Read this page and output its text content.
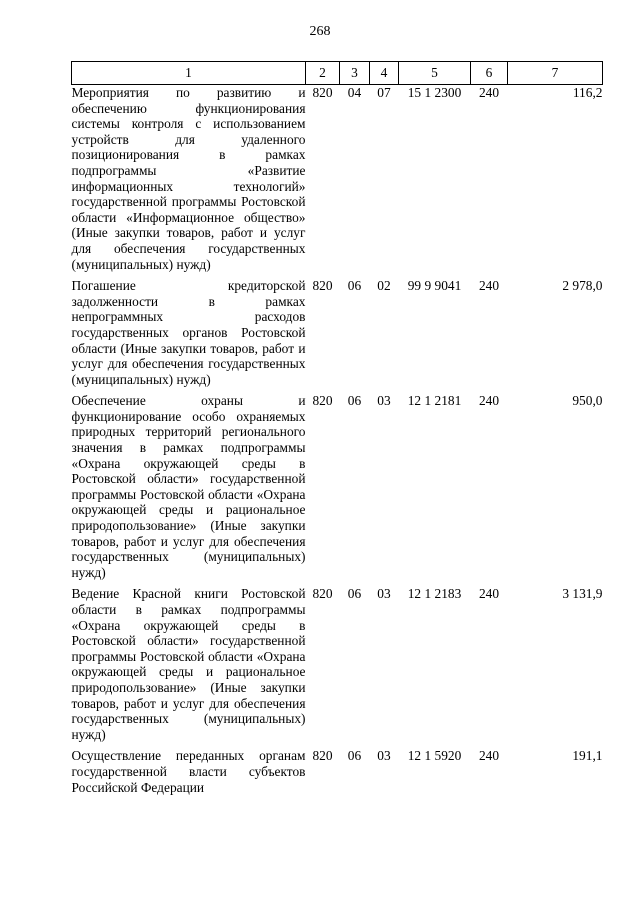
268
1	2	3	4	5	6	7
Мероприятия по развитию и обеспечению функционирования системы контроля с использованием устройств для удаленного позиционирования в рамках подпрограммы «Развитие информационных технологий» государственной программы Ростовской области «Информационное общество» (Иные закупки товаров, работ и услуг для обеспечения государственных (муниципальных) нужд)	820	04	07	15 1 2300	240	116,2

Погашение кредиторской задолженности в рамках непрограммных расходов государственных органов Ростовской области (Иные закупки товаров, работ и услуг для обеспечения государственных (муниципальных) нужд)	820	06	02	99 9 9041	240	2 978,0

Обеспечение охраны и функционирование особо охраняемых природных территорий регионального значения в рамках подпрограммы «Охрана окружающей среды в Ростовской области» государственной программы Ростовской области «Охрана окружающей среды и рациональное природопользование» (Иные закупки товаров, работ и услуг для обеспечения государственных (муниципальных) нужд)	820	06	03	12 1 2181	240	950,0

Ведение Красной книги Ростовской области в рамках подпрограммы «Охрана окружающей среды в Ростовской области» государственной программы Ростовской области «Охрана окружающей среды и рациональное природопользование» (Иные закупки товаров, работ и услуг для обеспечения государственных (муниципальных) нужд)	820	06	03	12 1 2183	240	3 131,9

Осуществление переданных органам государственной власти субъектов Российской Федерации	820	06	03	12 1 5920	240	191,1
